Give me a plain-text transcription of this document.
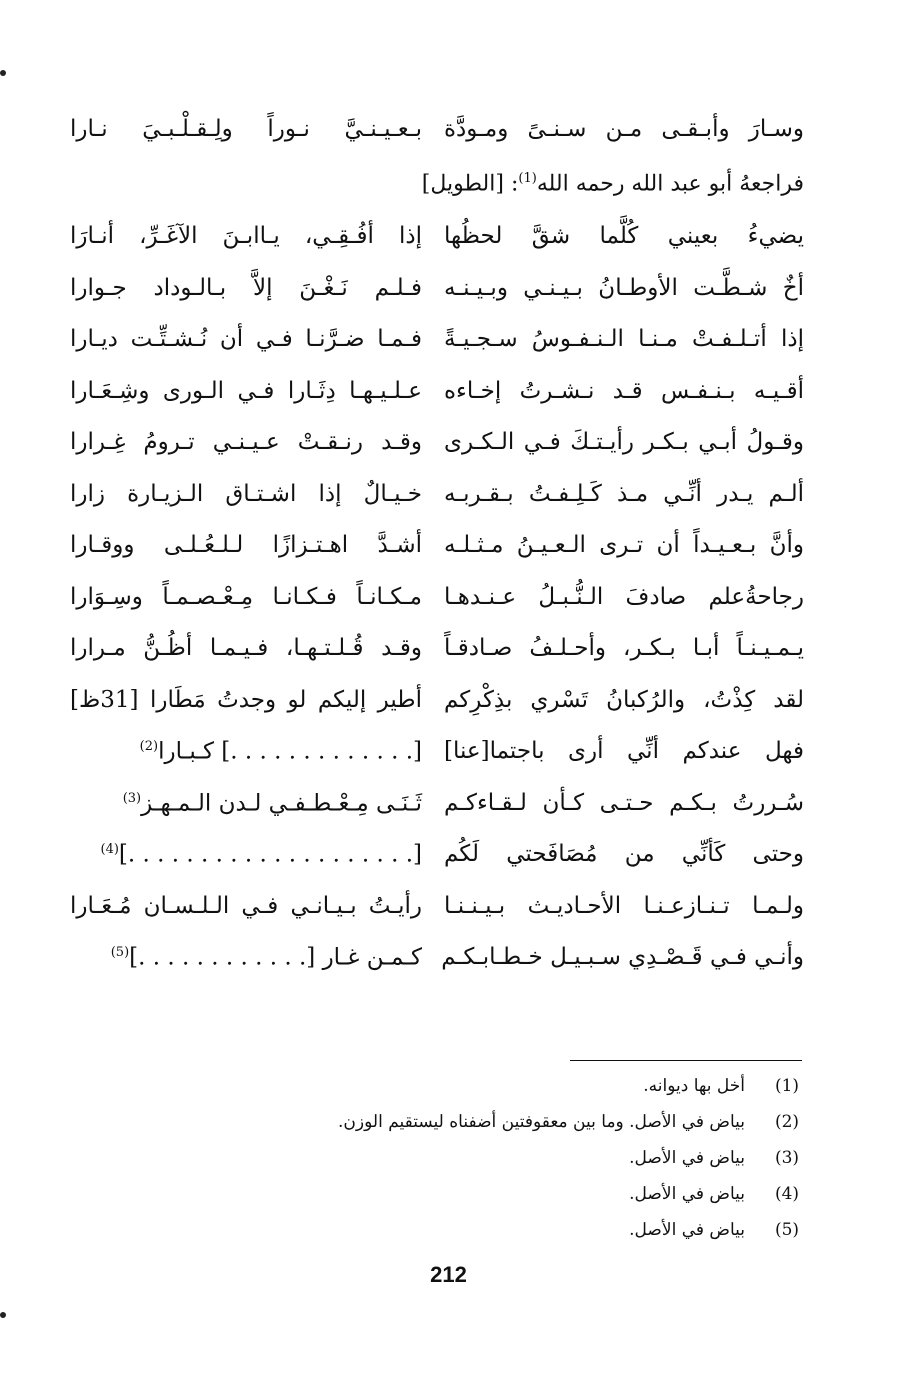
وسـارَ وأبـقـى مـن سـنـىً ومـودَّة
بـعـيـنـيَّ نـوراً ولِـقـلْـبـيَ نـارا
فراجعهُ أبو عبد الله رحمه الله$^{(1)}$: [الطويل]
يضيءُ بعيني كُلَّما شقَّ لحظُها
إذا أفُـقِـي، يـاابـنَ الآغَـرِّ، أنـارَا
أخٌ شـطَّـت الأوطـانُ بـيـنـي وبـيـنـه
فـلـم نَـغْـنَ إلاَّ بـالـوداد جـوارا
إذا أتـلـفـتْ مـنـا الـنـفـوسُ سـجـيـةً
فـمـا ضـرَّنـا فـي أن نُـشـتِّـت ديـارا
أقـيـه بـنـفـس قـد نـشـرتُ إخـاءه
عـلـيـهـا دِثَـارا فـي الـورى وشِـعَـارا
وقـولُ أبـي بـكـر رأيـتـكَ فـي الـكـرى
وقـد رنـقـتْ عـيـنـي تـرومُ غِـرارا
ألـم يـدر أنِّـي مـذ كَـلِـفـتُ بـقـربـه
خـيـالٌ إذا اشـتـاق الـزيـارة زارا
وأنَّ بـعـيـداً أن تـرى الـعـيـنُ مـثـلـه
أشـدَّ اهـتـزازًا لـلـعُـلـى ووقـارا
رجاحةُعلم صادفَ الـنُّـبـلُ عـنـدهـا
مـكـانـاً فـكـانـا مِـعْـصـمـاً وسِـوَارا
يـمـيـنـاً أبـا بـكـر، وأحـلـفُ صـادقـاً
وقـد قُـلـتـهـا، فـيـمـا أظُـنُّ مـرارا
لقد كِذْتُ، والرُكبانُ تَسْري بذِكْرِكم
أطير إليكم لو وجدتُ مَطَارا [31ظ]
فهل عندكم أنِّي أرى باجتما[عنا]
[. . . . . . . . . . . . .] كـبـارا$^{(2)}$
سُـررتُ بـكـم حـتـى كـأن لـقـاءكـم
ثَـنَـى مِـعْـطـفـي لـدن الـمـهـز$^{(3)}$
وحتى كَأنِّي من مُصَافَحتي لَكُم
[. . . . . . . . . . . . . . . . . . . .]$^{(4)}$
ولـمـا تـنـازعـنـا الأحـاديـث بـيـنـنـا
رأيـتُ بـيـانـي فـي الـلـسـان مُـعَـارا
وأنـي فـي قَـصْـدِي سـبـيـل خـطـابـكـم
كـمـن غـار [. . . . . . . . . . . .]$^{(5)}$
(1)
أخل بها ديوانه.
(2)
بياض في الأصل. وما بين معقوفتين أضفناه ليستقيم الوزن.
(3)
بياض في الأصل.
(4)
بياض في الأصل.
(5)
بياض في الأصل.
212
